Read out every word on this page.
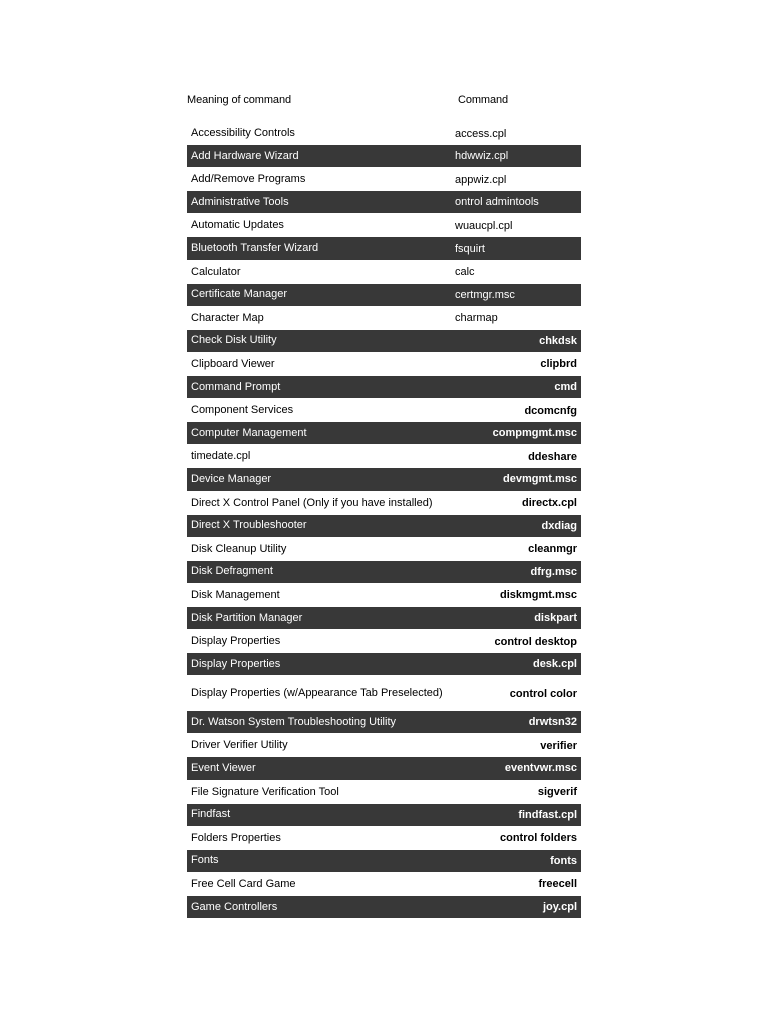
Meaning of command	Command
Accessibility Controls	access.cpl
Add Hardware Wizard	hdwwiz.cpl
Add/Remove Programs	appwiz.cpl
Administrative Tools	ontrol admintools
Automatic Updates	wuaucpl.cpl
Bluetooth Transfer Wizard	fsquirt
Calculator	calc
Certificate Manager	certmgr.msc
Character Map	charmap
Check Disk Utility	chkdsk
Clipboard Viewer	clipbrd
Command Prompt	cmd
Component Services	dcomcnfg
Computer Management	compmgmt.msc
timedate.cpl	ddeshare
Device Manager	devmgmt.msc
Direct X Control Panel (Only if you have installed)	directx.cpl
Direct X Troubleshooter	dxdiag
Disk Cleanup Utility	cleanmgr
Disk Defragment	dfrg.msc
Disk Management	diskmgmt.msc
Disk Partition Manager	diskpart
Display Properties	control desktop
Display Properties	desk.cpl
Display Properties (w/Appearance Tab Preselected)	control color
Dr. Watson System Troubleshooting Utility	drwtsn32
Driver Verifier Utility	verifier
Event Viewer	eventvwr.msc
File Signature Verification Tool	sigverif
Findfast	findfast.cpl
Folders Properties	control folders
Fonts	fonts
Free Cell Card Game	freecell
Game Controllers	joy.cpl
